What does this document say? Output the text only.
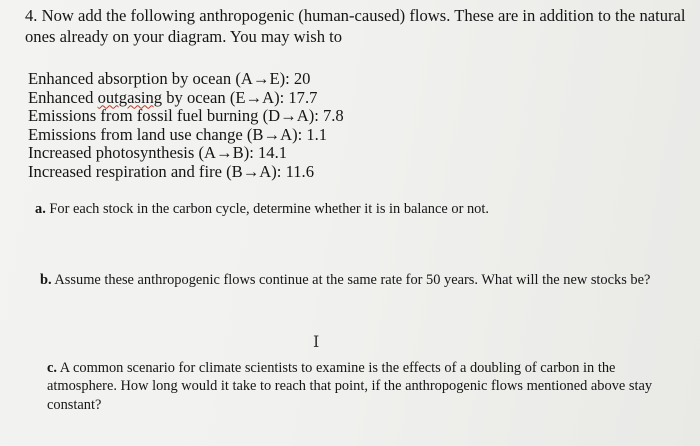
4. Now add the following anthropogenic (human-caused) flows. These are in addition to the natural ones already on your diagram. You may wish to
Enhanced absorption by ocean (A→E): 20
Enhanced outgasing by ocean (E→A): 17.7
Emissions from fossil fuel burning (D→A): 7.8
Emissions from land use change (B→A): 1.1
Increased photosynthesis (A→B): 14.1
Increased respiration and fire (B→A): 11.6
a. For each stock in the carbon cycle, determine whether it is in balance or not.
b. Assume these anthropogenic flows continue at the same rate for 50 years. What will the new stocks be?
I
c. A common scenario for climate scientists to examine is the effects of a doubling of carbon in the atmosphere. How long would it take to reach that point, if the anthropogenic flows mentioned above stay constant?
